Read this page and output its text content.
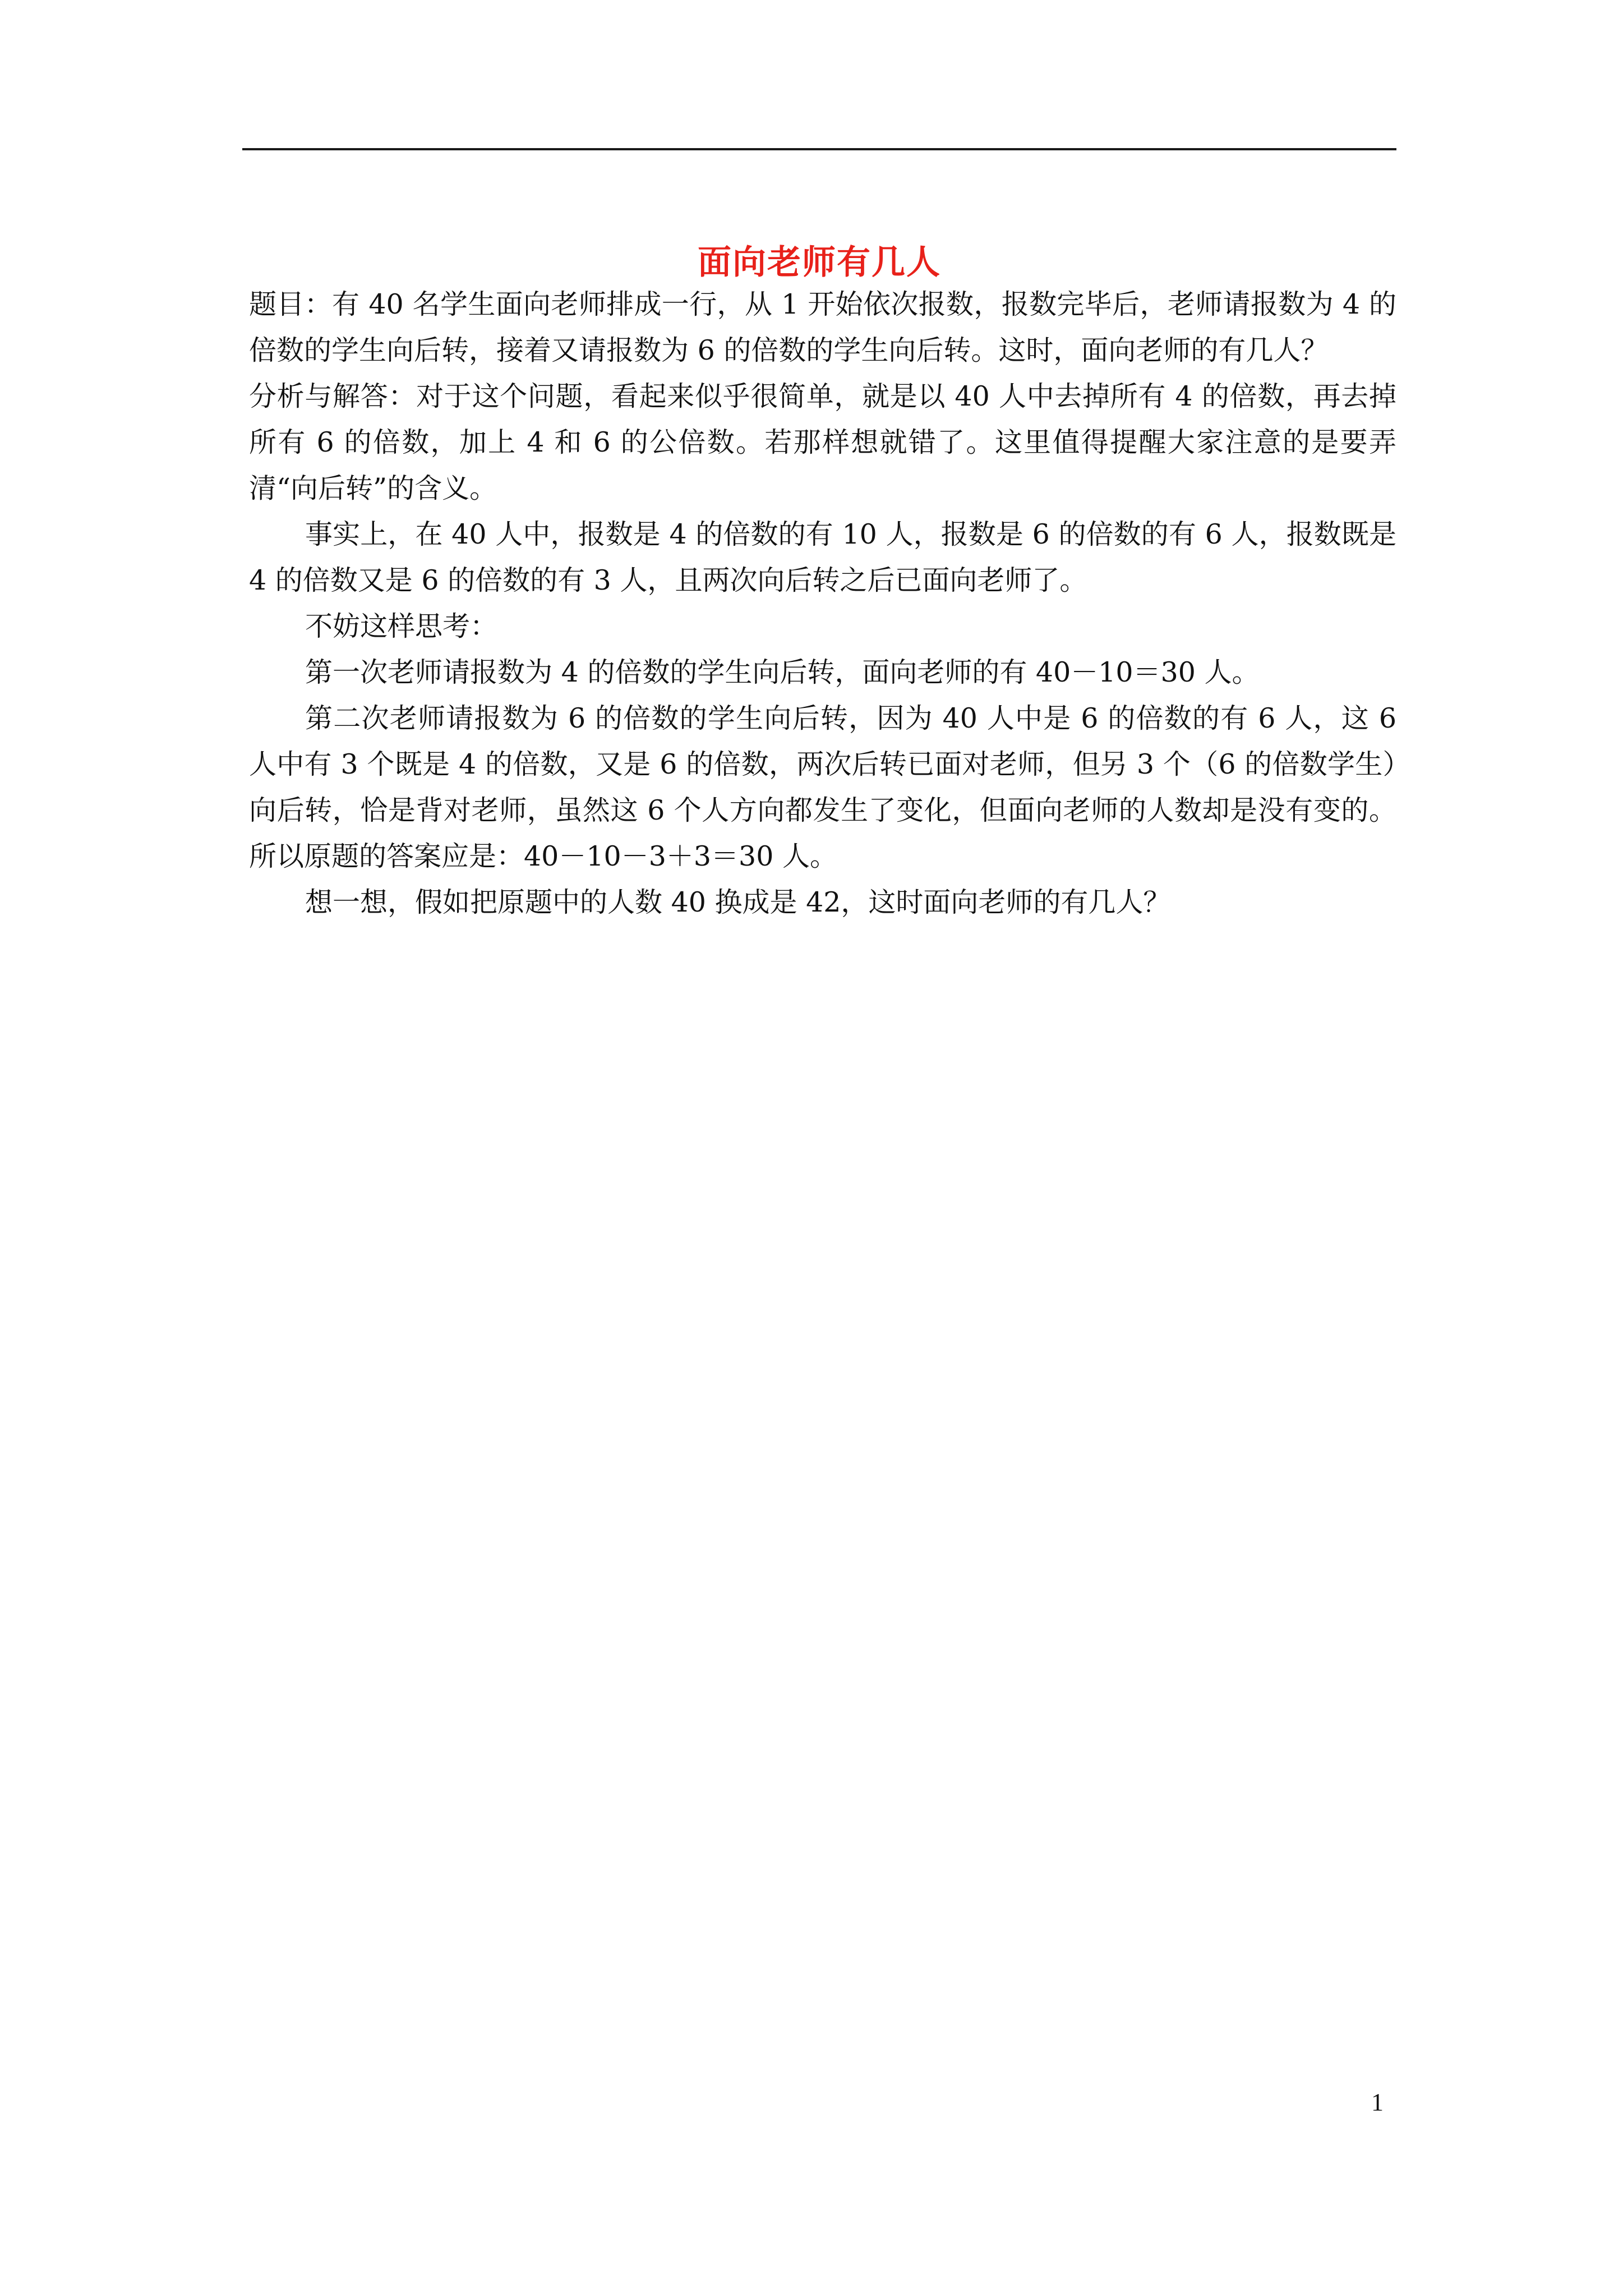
面向老师有几人

题目：有 40 名学生面向老师排成一行，从 1 开始依次报数，报数完毕后，老师请报数为 4 的倍数的学生向后转，接着又请报数为 6 的倍数的学生向后转。这时，面向老师的有几人？

分析与解答：对于这个问题，看起来似乎很简单，就是以 40 人中去掉所有 4 的倍数，再去掉所有 6 的倍数，加上 4 和 6 的公倍数。若那样想就错了。这里值得提醒大家注意的是要弄清“向后转”的含义。

事实上，在 40 人中，报数是 4 的倍数的有 10 人，报数是 6 的倍数的有 6 人，报数既是 4 的倍数又是 6 的倍数的有 3 人，且两次向后转之后已面向老师了。

不妨这样思考：

第一次老师请报数为 4 的倍数的学生向后转，面向老师的有 40－10＝30 人。

第二次老师请报数为 6 的倍数的学生向后转，因为 40 人中是 6 的倍数的有 6 人，这 6 人中有 3 个既是 4 的倍数，又是 6 的倍数，两次后转已面对老师，但另 3 个（6 的倍数学生）向后转，恰是背对老师，虽然这 6 个人方向都发生了变化，但面向老师的人数却是没有变的。所以原题的答案应是：40－10－3＋3＝30 人。

想一想，假如把原题中的人数 40 换成是 42，这时面向老师的有几人？

1
